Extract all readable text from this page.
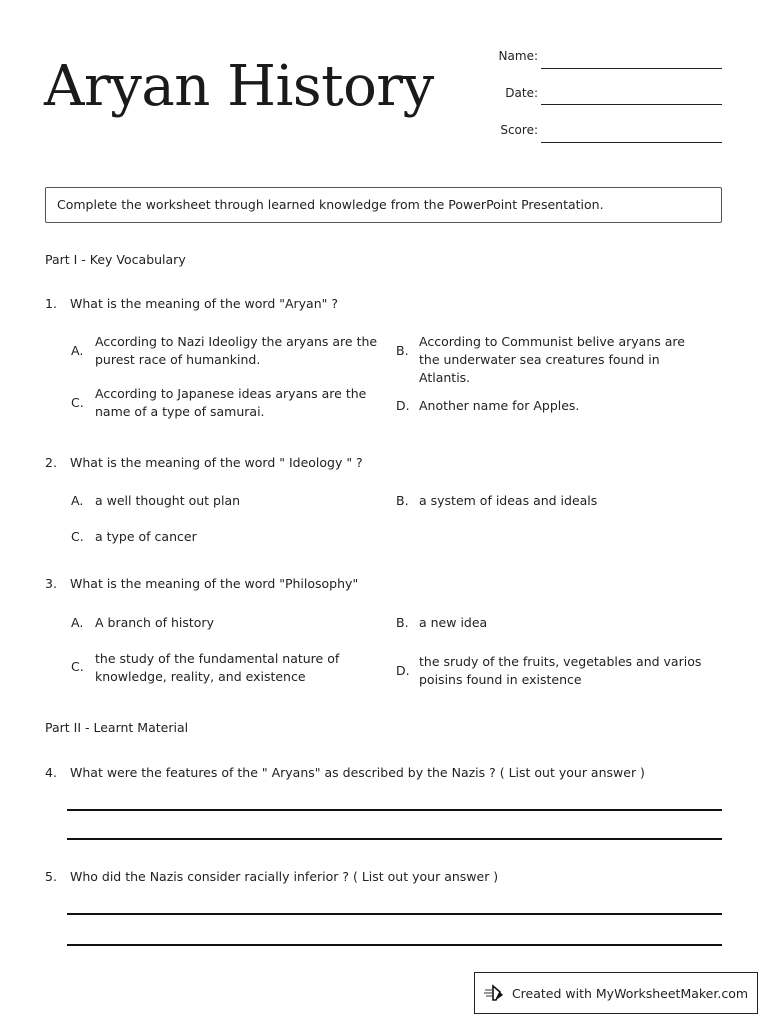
Aryan History	Name:
Date:
Score:
Complete the worksheet through learned knowledge from the PowerPoint Presentation.
Part I - Key Vocabulary
1.	What is the meaning of the word "Aryan" ?
A.
According to Nazi Ideoligy the aryans are the purest race of humankind.
B.
According to Communist belive aryans are the underwater sea creatures found in Atlantis.
C.
According to Japanese ideas aryans are the name of a type of samurai.	D. Another name for Apples.
2.	What is the meaning of the word " Ideology " ?
A. a well thought out plan	B. a system of ideas and ideals
C. a type of cancer
3.	What is the meaning of the word "Philosophy"
A. A branch of history	B. a new idea
C.
the study of the fundamental nature of knowledge, reality, and existence	D.
the srudy of the fruits, vegetables and varios poisins found in existence
Part II - Learnt Material
4.	What were the features of the " Aryans" as described by the Nazis ? ( List out your answer )
5.	Who did the Nazis consider racially inferior ? ( List out your answer )
Created with MyWorksheetMaker.com
